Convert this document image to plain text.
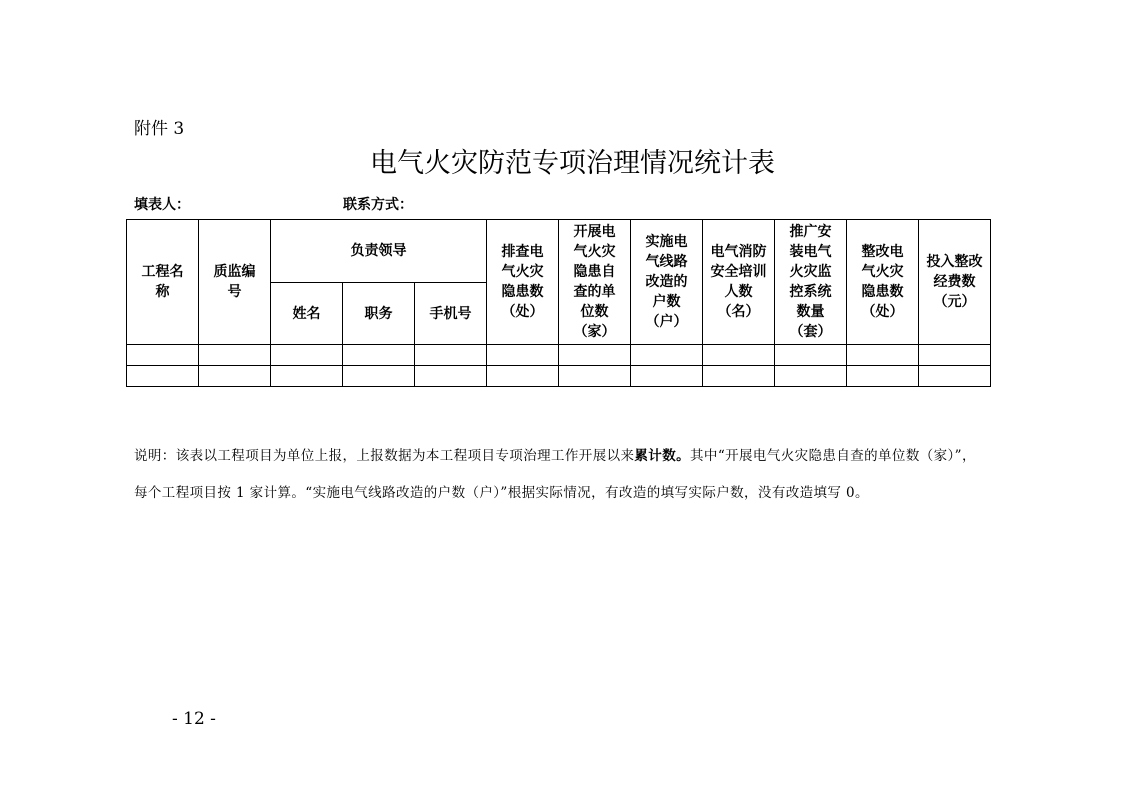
附件 3
电气火灾防范专项治理情况统计表
填表人：	联系方式：
工程名称	质监编号	负责领导			排查电气火灾隐患数（处）	开展电气火灾隐患自查的单位数（家）	实施电气线路改造的户数（户）	电气消防安全培训人数（名）	推广安装电气火灾监控系统数量（套）	整改电气火灾隐患数（处）	投入整改经费数（元）

		姓名	职务	手机号							

说明：该表以工程项目为单位上报，上报数据为本工程项目专项治理工作开展以来累计数。其中“开展电气火灾隐患自查的单位数（家）”，每个工程项目按 1 家计算。“实施电气线路改造的户数（户）”根据实际情况，有改造的填写实际户数，没有改造填写 0。
- 12 -
